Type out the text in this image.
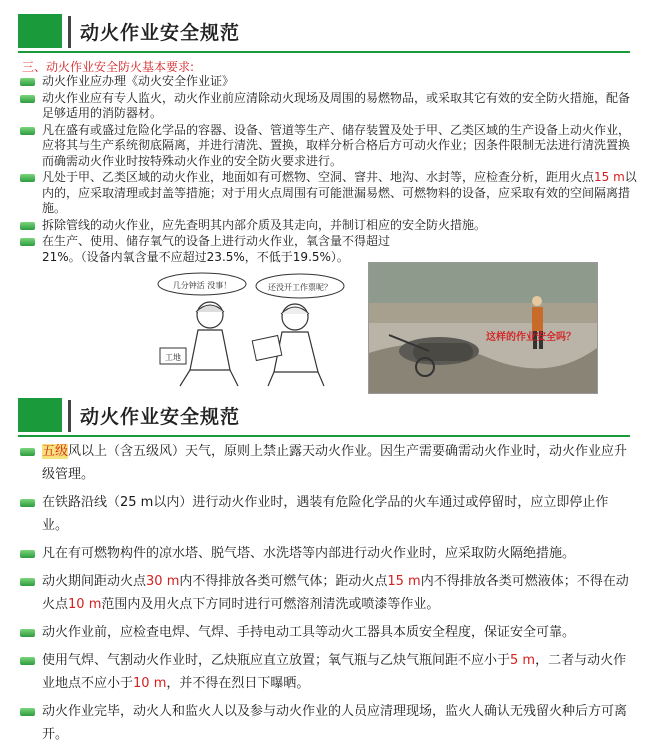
动火作业安全规范
三、动火作业安全防火基本要求:
动火作业应办理《动火安全作业证》
动火作业应有专人监火，动火作业前应清除动火现场及周围的易燃物品，或采取其它有效的安全防火措施，配备足够适用的消防器材。
凡在盛有或盛过危险化学品的容器、设备、管道等生产、储存装置及处于甲、乙类区域的生产设备上动火作业，应将其与生产系统彻底隔离，并进行清洗、置换，取样分析合格后方可动火作业；因条件限制无法进行清洗置换而确需动火作业时按特殊动火作业的安全防火要求进行。
凡处于甲、乙类区域的动火作业，地面如有可燃物、空洞、窨井、地沟、水封等，应检查分析，距用火点15 m以内的，应采取清理或封盖等措施；对于用火点周围有可能泄漏易燃、可燃物料的设备，应采取有效的空间隔离措施。
拆除管线的动火作业，应先查明其内部介质及其走向，并制订相应的安全防火措施。
在生产、使用、储存氧气的设备上进行动火作业，氧含量不得超过21%。（设备内氧含量不应超过23.5%，不低于19.5%）。
几分钟活 没事！	还没开工作票呢？
工地
这样的作业安全吗？
动火作业安全规范
五级风以上（含五级风）天气，原则上禁止露天动火作业。因生产需要确需动火作业时，动火作业应升级管理。
在铁路沿线（25 m以内）进行动火作业时，遇装有危险化学品的火车通过或停留时，应立即停止作业。
凡在有可燃物构件的凉水塔、脱气塔、水洗塔等内部进行动火作业时，应采取防火隔绝措施。
动火期间距动火点30 m内不得排放各类可燃气体；距动火点15 m内不得排放各类可燃液体；不得在动火点10 m范围内及用火点下方同时进行可燃溶剂清洗或喷漆等作业。
动火作业前，应检查电焊、气焊、手持电动工具等动火工器具本质安全程度，保证安全可靠。
使用气焊、气割动火作业时，乙炔瓶应直立放置；氧气瓶与乙炔气瓶间距不应小于5 m，二者与动火作业地点不应小于10 m，并不得在烈日下曝晒。
动火作业完毕，动火人和监火人以及参与动火作业的人员应清理现场，监火人确认无残留火种后方可离开。
